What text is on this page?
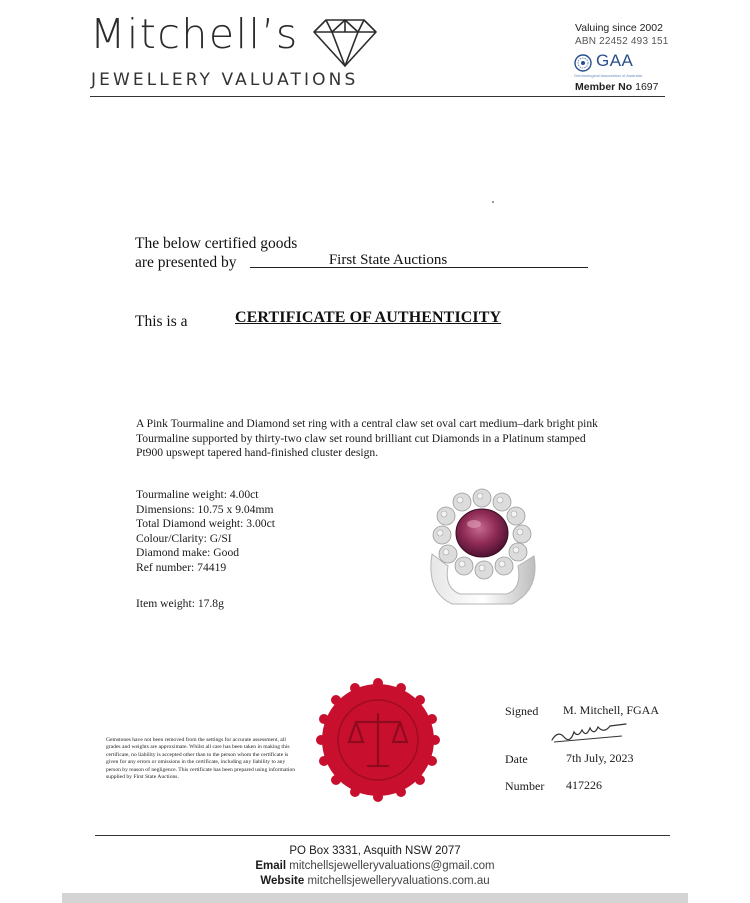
Mitchell’s
JEWELLERY VALUATIONS
Valuing since 2002
ABN 22452 493 151
GAA
Gemmological Association of Australia
Member No 1697
The below certified goods
are presented by	First State Auctions
This is a	CERTIFICATE OF AUTHENTICITY

A Pink Tourmaline and Diamond set ring with a central claw set oval cart medium–dark bright pink Tourmaline supported by thirty-two claw set round brilliant cut Diamonds in a Platinum stamped Pt900 upswept tapered hand-finished cluster design.

Tourmaline weight: 4.00ct
Dimensions: 10.75 x 9.04mm
Total Diamond weight: 3.00ct
Colour/Clarity: G/SI
Diamond make: Good
Ref number: 74419
Item weight: 17.8g

Gemstones have not been removed from the settings for accurate assessment, all grades and weights are approximate. Whilst all care has been taken in making this certificate, no liability is accepted other than to the person whom the certificate is given for any errors or omissions in the certificate, including any liability to any person by reason of negligence. This certificate has been prepared using information supplied by First State Auctions.

Signed M. Mitchell, FGAA
Date	7th July, 2023
Number 417226
PO Box 3331, Asquith NSW 2077
Email mitchellsjewelleryvaluations@gmail.com
Website mitchellsjewelleryvaluations.com.au
